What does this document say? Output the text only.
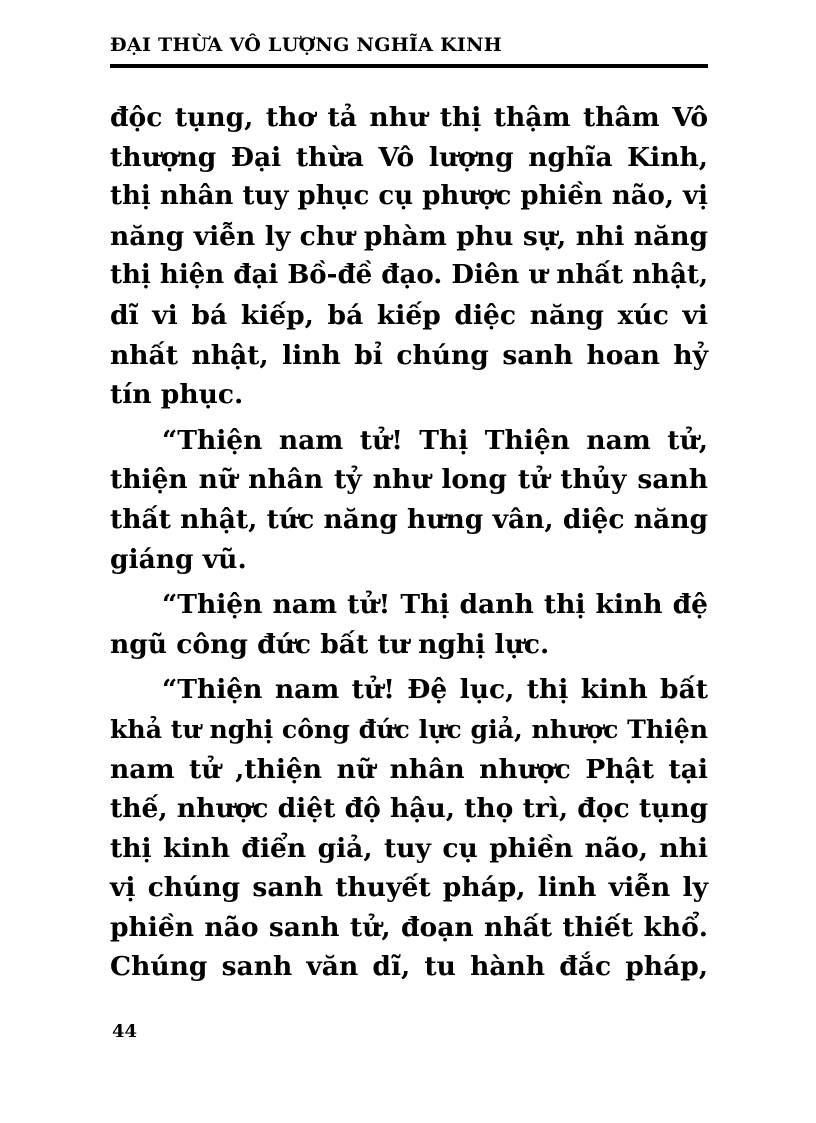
ĐẠI THỪA VÔ LƯỢNG NGHĨA KINH
độc tụng, thơ tả như thị thậm thâm Vô
thượng Đại thừa Vô lượng nghĩa Kinh,
thị nhân tuy phục cụ phược phiền não, vị
năng viễn ly chư phàm phu sự, nhi năng
thị hiện đại Bồ-đề đạo. Diên ư nhất nhật,
dĩ vi bá kiếp, bá kiếp diệc năng xúc vi
nhất nhật, linh bỉ chúng sanh hoan hỷ
tín phục.
“Thiện nam tử! Thị Thiện nam tử,
thiện nữ nhân tỷ như long tử thủy sanh
thất nhật, tức năng hưng vân, diệc năng
giáng vũ.
“Thiện nam tử! Thị danh thị kinh đệ
ngũ công đức bất tư nghị lực.
“Thiện nam tử! Đệ lục, thị kinh bất
khả tư nghị công đức lực giả, nhược Thiện
nam tử ,thiện nữ nhân nhược Phật tại
thế, nhược diệt độ hậu, thọ trì, đọc tụng
thị kinh điển giả, tuy cụ phiền não, nhi
vị chúng sanh thuyết pháp, linh viễn ly
phiền não sanh tử, đoạn nhất thiết khổ.
Chúng sanh văn dĩ, tu hành đắc pháp,
44
